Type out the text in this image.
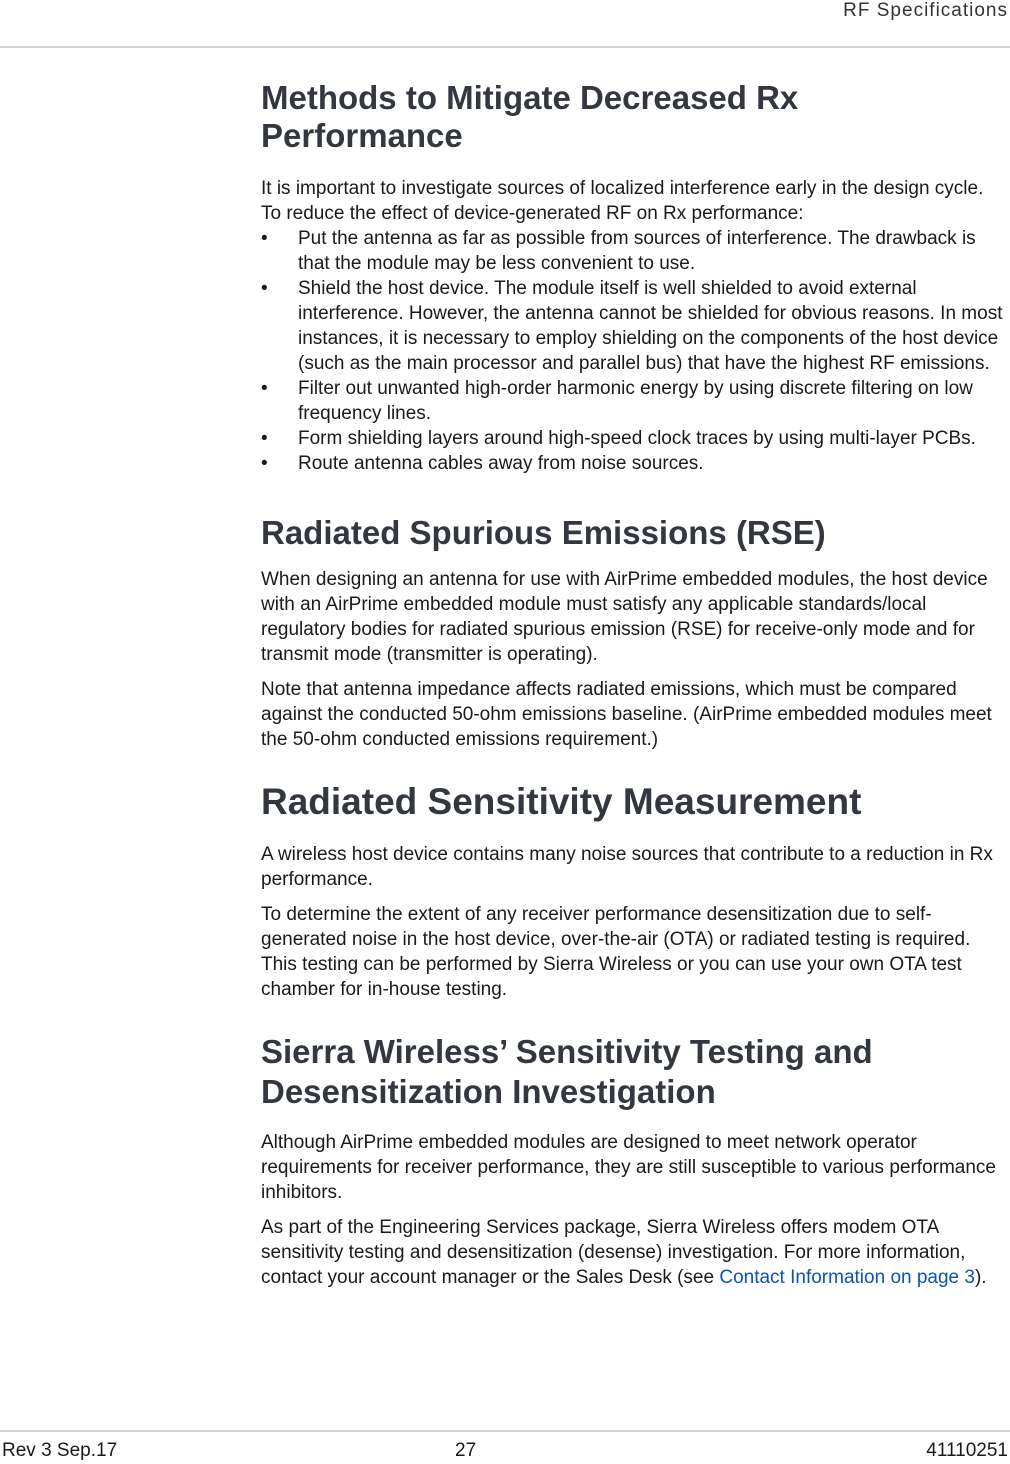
RF Specifications
Methods to Mitigate Decreased Rx Performance

It is important to investigate sources of localized interference early in the design cycle. To reduce the effect of device-generated RF on Rx performance:

• Put the antenna as far as possible from sources of interference. The drawback is that the module may be less convenient to use.
• Shield the host device. The module itself is well shielded to avoid external interference. However, the antenna cannot be shielded for obvious reasons. In most instances, it is necessary to employ shielding on the components of the host device (such as the main processor and parallel bus) that have the highest RF emissions.
• Filter out unwanted high-order harmonic energy by using discrete filtering on low frequency lines.
• Form shielding layers around high-speed clock traces by using multi-layer PCBs.
• Route antenna cables away from noise sources.
Radiated Spurious Emissions (RSE)

When designing an antenna for use with AirPrime embedded modules, the host device with an AirPrime embedded module must satisfy any applicable standards/local regulatory bodies for radiated spurious emission (RSE) for receive-only mode and for transmit mode (transmitter is operating).

Note that antenna impedance affects radiated emissions, which must be compared against the conducted 50-ohm emissions baseline. (AirPrime embedded modules meet the 50-ohm conducted emissions requirement.)

Radiated Sensitivity Measurement

A wireless host device contains many noise sources that contribute to a reduction in Rx performance.

To determine the extent of any receiver performance desensitization due to self-generated noise in the host device, over-the-air (OTA) or radiated testing is required. This testing can be performed by Sierra Wireless or you can use your own OTA test chamber for in-house testing.

Sierra Wireless’ Sensitivity Testing and Desensitization Investigation

Although AirPrime embedded modules are designed to meet network operator requirements for receiver performance, they are still susceptible to various performance inhibitors.

As part of the Engineering Services package, Sierra Wireless offers modem OTA sensitivity testing and desensitization (desense) investigation. For more information, contact your account manager or the Sales Desk (see Contact Information on page 3).

Rev 3 Sep.17	27	41110251
